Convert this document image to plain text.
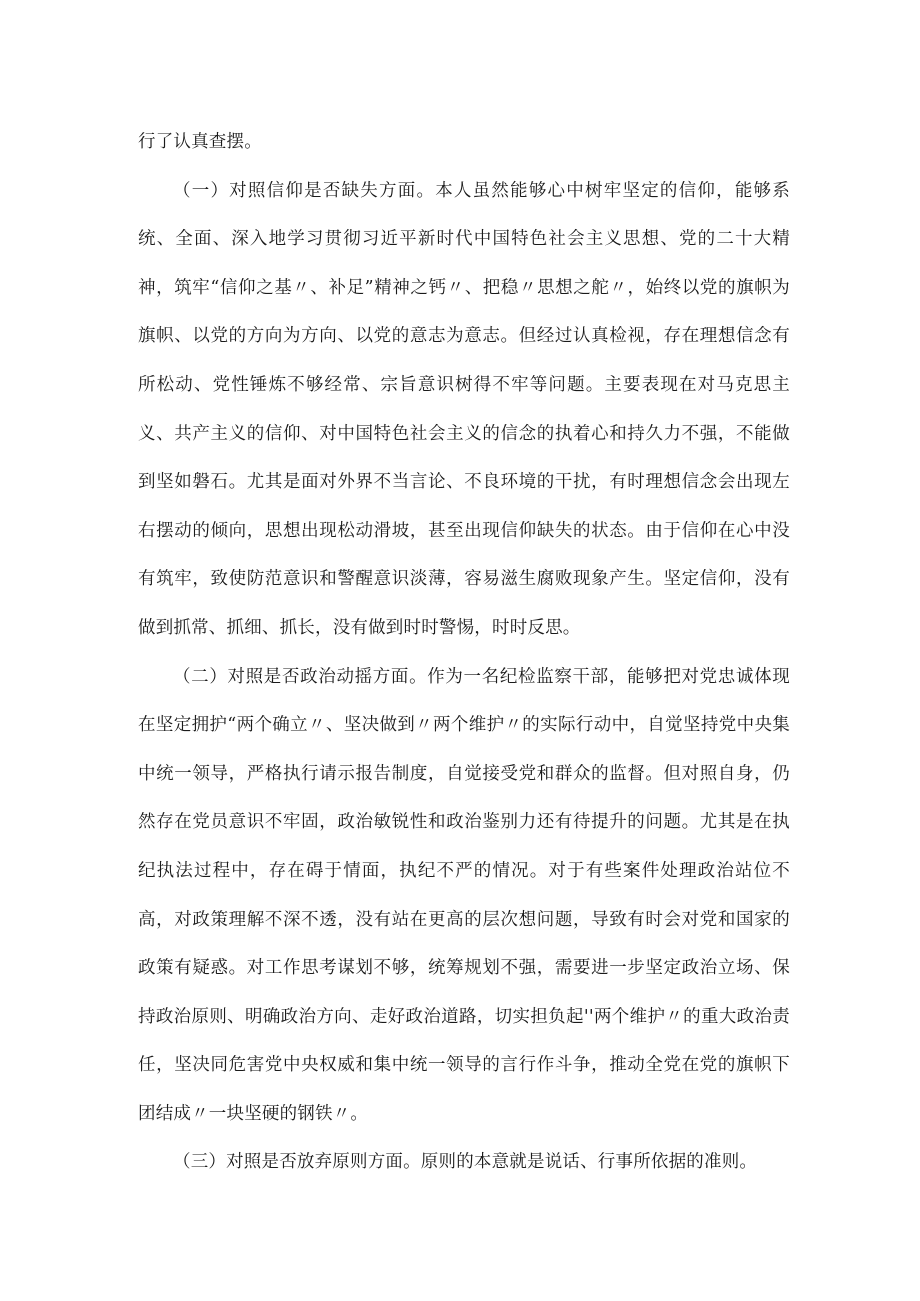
行了认真查摆。

（一）对照信仰是否缺失方面。本人虽然能够心中树牢坚定的信仰，能够系统、全面、深入地学习贯彻习近平新时代中国特色社会主义思想、党的二十大精神，筑牢“信仰之基〃、补足”精神之钙〃、把稳〃思想之舵〃，始终以党的旗帜为旗帜、以党的方向为方向、以党的意志为意志。但经过认真检视，存在理想信念有所松动、党性锤炼不够经常、宗旨意识树得不牢等问题。主要表现在对马克思主义、共产主义的信仰、对中国特色社会主义的信念的执着心和持久力不强，不能做到坚如磐石。尤其是面对外界不当言论、不良环境的干扰，有时理想信念会出现左右摆动的倾向，思想出现松动滑坡，甚至出现信仰缺失的状态。由于信仰在心中没有筑牢，致使防范意识和警醒意识淡薄，容易滋生腐败现象产生。坚定信仰，没有做到抓常、抓细、抓长，没有做到时时警惕，时时反思。

（二）对照是否政治动摇方面。作为一名纪检监察干部，能够把对党忠诚体现在坚定拥护“两个确立〃、坚决做到〃两个维护〃的实际行动中，自觉坚持党中央集中统一领导，严格执行请示报告制度，自觉接受党和群众的监督。但对照自身，仍然存在党员意识不牢固，政治敏锐性和政治鉴别力还有待提升的问题。尤其是在执纪执法过程中，存在碍于情面，执纪不严的情况。对于有些案件处理政治站位不高，对政策理解不深不透，没有站在更高的层次想问题，导致有时会对党和国家的政策有疑惑。对工作思考谋划不够，统筹规划不强，需要进一步坚定政治立场、保持政治原则、明确政治方向、走好政治道路，切实担负起''两个维护〃的重大政治责任，坚决同危害党中央权威和集中统一领导的言行作斗争，推动全党在党的旗帜下团结成〃一块坚硬的钢铁〃。

（三）对照是否放弃原则方面。原则的本意就是说话、行事所依据的准则。
